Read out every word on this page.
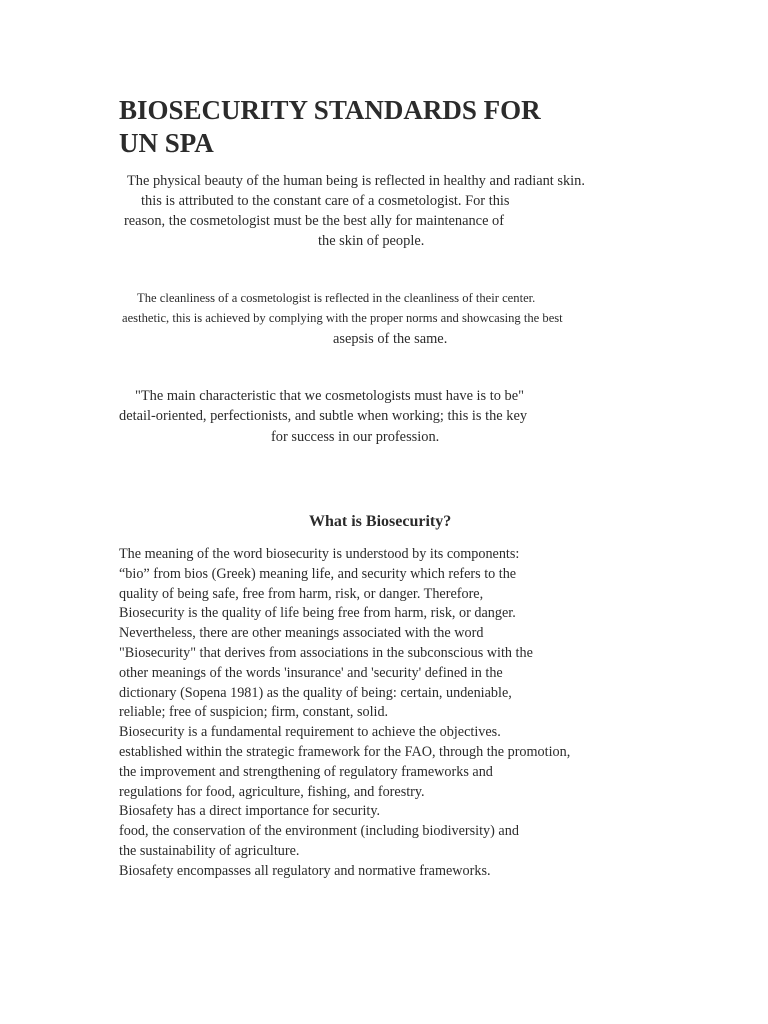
BIOSECURITY STANDARDS FOR
UN SPA
The physical beauty of the human being is reflected in healthy and radiant skin.
this is attributed to the constant care of a cosmetologist. For this
reason, the cosmetologist must be the best ally for maintenance of
the skin of people.
The cleanliness of a cosmetologist is reflected in the cleanliness of their center.
aesthetic, this is achieved by complying with the proper norms and showcasing the best
asepsis of the same.
"The main characteristic that we cosmetologists must have is to be"
detail-oriented, perfectionists, and subtle when working; this is the key
for success in our profession.
What is Biosecurity?
The meaning of the word biosecurity is understood by its components:
“bio” from bios (Greek) meaning life, and security which refers to the
quality of being safe, free from harm, risk, or danger. Therefore,
Biosecurity is the quality of life being free from harm, risk, or danger.
Nevertheless, there are other meanings associated with the word
"Biosecurity" that derives from associations in the subconscious with the
other meanings of the words 'insurance' and 'security' defined in the
dictionary (Sopena 1981) as the quality of being: certain, undeniable,
reliable; free of suspicion; firm, constant, solid.
Biosecurity is a fundamental requirement to achieve the objectives.
established within the strategic framework for the FAO, through the promotion,
the improvement and strengthening of regulatory frameworks and
regulations for food, agriculture, fishing, and forestry.
Biosafety has a direct importance for security.
food, the conservation of the environment (including biodiversity) and
the sustainability of agriculture.
Biosafety encompasses all regulatory and normative frameworks.
